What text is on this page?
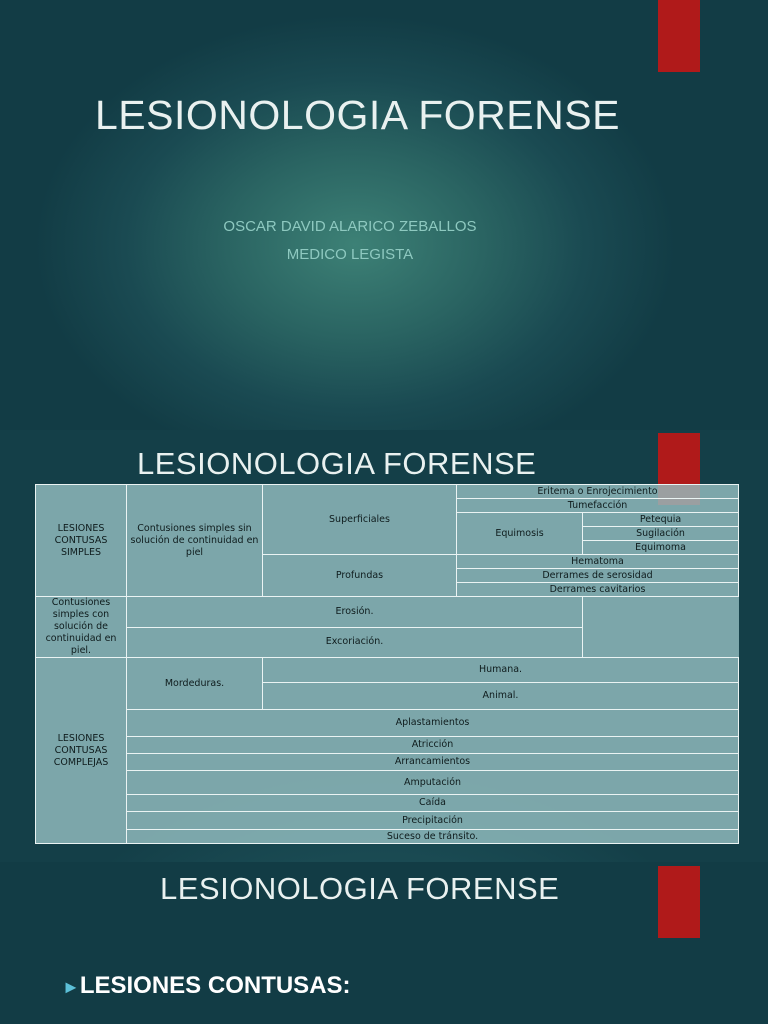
LESIONOLOGIA FORENSE
OSCAR DAVID ALARICO ZEBALLOS
MEDICO LEGISTA
LESIONOLOGIA FORENSE
LESIONES CONTUSAS SIMPLES	Contusiones simples sin solución de continuidad en piel	Superficiales	Eritema o Enrojecimiento	
			Tumefacción	
			Equimosis	Petequia
				Sugilación
				Equimoma
		Profundas	Hematoma	
			Derrames de serosidad	
			Derrames cavitarios	
Contusiones simples con solución de continuidad en piel.	Erosión.			
	Excoriación.			
LESIONES CONTUSAS COMPLEJAS	Mordeduras.	Humana.		
		Animal.		
	Aplastamientos			
	Atricción			
	Arrancamientos			
	Amputación			
	Caída			
	Precipitación			
	Suceso de tránsito.			
LESIONOLOGIA FORENSE
►LESIONES CONTUSAS:
